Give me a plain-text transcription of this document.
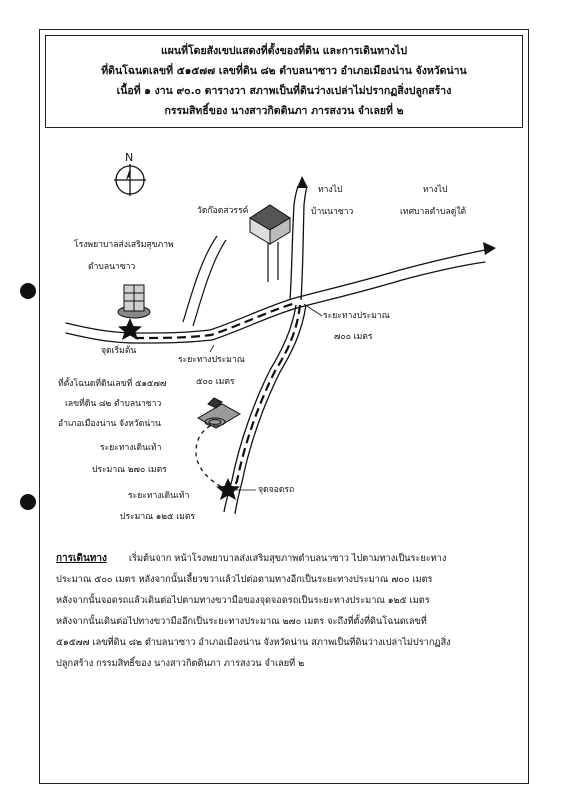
แผนที่โดยสังเขปแสดงที่ตั้งของที่ดิน และการเดินทางไป
ที่ดินโฉนดเลขที่ ๕๑๕๗๗ เลขที่ดิน ๘๒ ตำบลนาซาว อำเภอเมืองน่าน จังหวัดน่าน
เนื้อที่ ๑ งาน ๙๐.๐ ตารางวา สภาพเป็นที่ดินว่างเปล่าไม่ปรากฏสิ่งปลูกสร้าง
กรรมสิทธิ์ของ นางสาวกิตตินภา ภารสงวน จำเลยที่ ๒
N
วัดก๊อดสวรรค์
ทางไป
บ้านนาซาว
ทางไป
เทศบาลตำบลดู่ใต้
โรงพยาบาลส่งเสริมสุขภาพ
ตำบลนาซาว
จุดเริ่มต้น
ระยะทางประมาณ
๕๐๐ เมตร
ระยะทางประมาณ
๗๐๐ เมตร
ที่ตั้งโฉนดที่ดินเลขที่ ๕๑๕๗๗
เลขที่ดิน ๘๒ ตำบลนาซาว
อำเภอเมืองน่าน จังหวัดน่าน
ระยะทางเดินเท้า
ประมาณ ๒๗๐ เมตร
ระยะทางเดินเท้า
ประมาณ ๑๒๕ เมตร
จุดจอดรถ
การเดินทาง เริ่มต้นจาก หน้าโรงพยาบาลส่งเสริมสุขภาพตำบลนาซาว ไปตามทางเป็นระยะทาง
ประมาณ ๕๐๐ เมตร หลังจากนั้นเลี้ยวขวาแล้วไปต่อตามทางอีกเป็นระยะทางประมาณ ๗๐๐ เมตร
หลังจากนั้นจอดรถแล้วเดินต่อไปตามทางขวามือของจุดจอดรถเป็นระยะทางประมาณ ๑๒๕ เมตร
หลังจากนั้นเดินต่อไปทางขวามืออีกเป็นระยะทางประมาณ ๒๗๐ เมตร จะถึงที่ตั้งที่ดินโฉนดเลขที่
๕๑๕๗๗ เลขที่ดิน ๘๒ ตำบลนาซาว อำเภอเมืองน่าน จังหวัดน่าน สภาพเป็นที่ดินว่างเปล่าไม่ปรากฏสิ่ง
ปลูกสร้าง กรรมสิทธิ์ของ นางสาวกิตตินภา ภารสงวน จำเลยที่ ๒
